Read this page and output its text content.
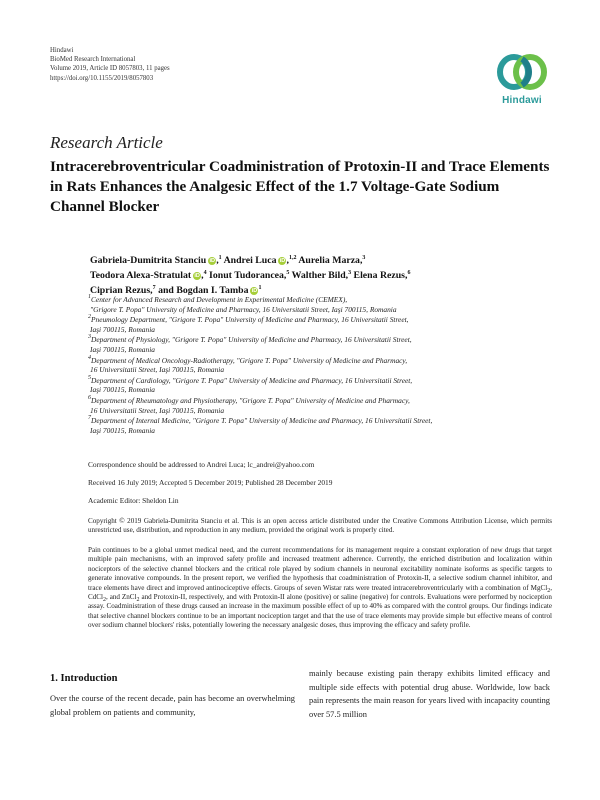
Hindawi
BioMed Research International
Volume 2019, Article ID 8057803, 11 pages
https://doi.org/10.1155/2019/8057803
Hindawi
Research Article
Intracerebroventricular Coadministration of Protoxin-II and Trace Elements in Rats Enhances the Analgesic Effect of the 1.7 Voltage-Gate Sodium Channel Blocker
Gabriela-Dumitrita Stanciu iD,$^1$ Andrei Luca iD,$^{1,2}$ Aurelia Marza,$^3$
Teodora Alexa-Stratulat iD,$^4$ Ionut Tudorancea,$^5$ Walther Bild,$^3$ Elena Rezus,$^6$
Ciprian Rezus,$^7$ and Bogdan I. Tamba $iD^1$
$^1$Center for Advanced Research and Development in Experimental Medicine (CEMEX),
"Grigore T. Popa" University of Medicine and Pharmacy, 16 Universitatii Street, Iaşi 700115, Romania
$^2$Pneumology Department, "Grigore T. Popa" University of Medicine and Pharmacy, 16 Universitatii Street,
Iaşi 700115, Romania
$^3$Department of Physiology, "Grigore T. Popa" University of Medicine and Pharmacy, 16 Universitatii Street,
Iaşi 700115, Romania
$^4$Department of Medical Oncology-Radiotherapy, "Grigore T. Popa" University of Medicine and Pharmacy,
16 Universitatii Street, Iaşi 700115, Romania
$^5$Department of Cardiology, "Grigore T. Popa" University of Medicine and Pharmacy, 16 Universitatii Street,
Iaşi 700115, Romania
$^6$Department of Rheumatology and Physiotherapy, "Grigore T. Popa" University of Medicine and Pharmacy,
16 Universitatii Street, Iaşi 700115, Romania
$^7$Department of Internal Medicine, "Grigore T. Popa" University of Medicine and Pharmacy, 16 Universitatii Street,
Iaşi 700115, Romania
Correspondence should be addressed to Andrei Luca; lc_andrei@yahoo.com
Received 16 July 2019; Accepted 5 December 2019; Published 28 December 2019
Academic Editor: Sheldon Lin
Copyright © 2019 Gabriela-Dumitrita Stanciu et al. This is an open access article distributed under the Creative Commons Attribution License, which permits unrestricted use, distribution, and reproduction in any medium, provided the original work is properly cited.
Pain continues to be a global unmet medical need, and the current recommendations for its management require a constant exploration of new drugs that target multiple pain mechanisms, with an improved safety profile and increased treatment adherence. Currently, the enriched distribution and localization within nociceptors of the selective channel blockers and the critical role played by sodium channels in neuronal excitability nominate isoforms as specific targets to generate innovative compounds. In the present report, we verified the hypothesis that coadministration of Protoxin-II, a selective sodium channel inhibitor, and trace elements have direct and improved antinociceptive effects. Groups of seven Wistar rats were treated intracerebroventricularly with a combination of MgCl$_2$, CdCl$_2$, and ZnCl$_2$ and Protoxin-II, respectively, and with Protoxin-II alone (positive) or saline (negative) for controls. Evaluations were performed by nociception assay. Coadministration of these drugs caused an increase in the maximum possible effect of up to 40% as compared with the control groups. Our findings indicate that selective channel blockers continue to be an important nociception target and that the use of trace elements may provide simple but effective means of control over sodium channel blockers' risks, potentially lowering the necessary analgesic doses, thus improving the efficacy and safety profile.
1. Introduction
Over the course of the recent decade, pain has become an overwhelming global problem on patients and community,
mainly because existing pain therapy exhibits limited efficacy and multiple side effects with potential drug abuse. Worldwide, low back pain represents the main reason for years lived with incapacity counting over 57.5 million
